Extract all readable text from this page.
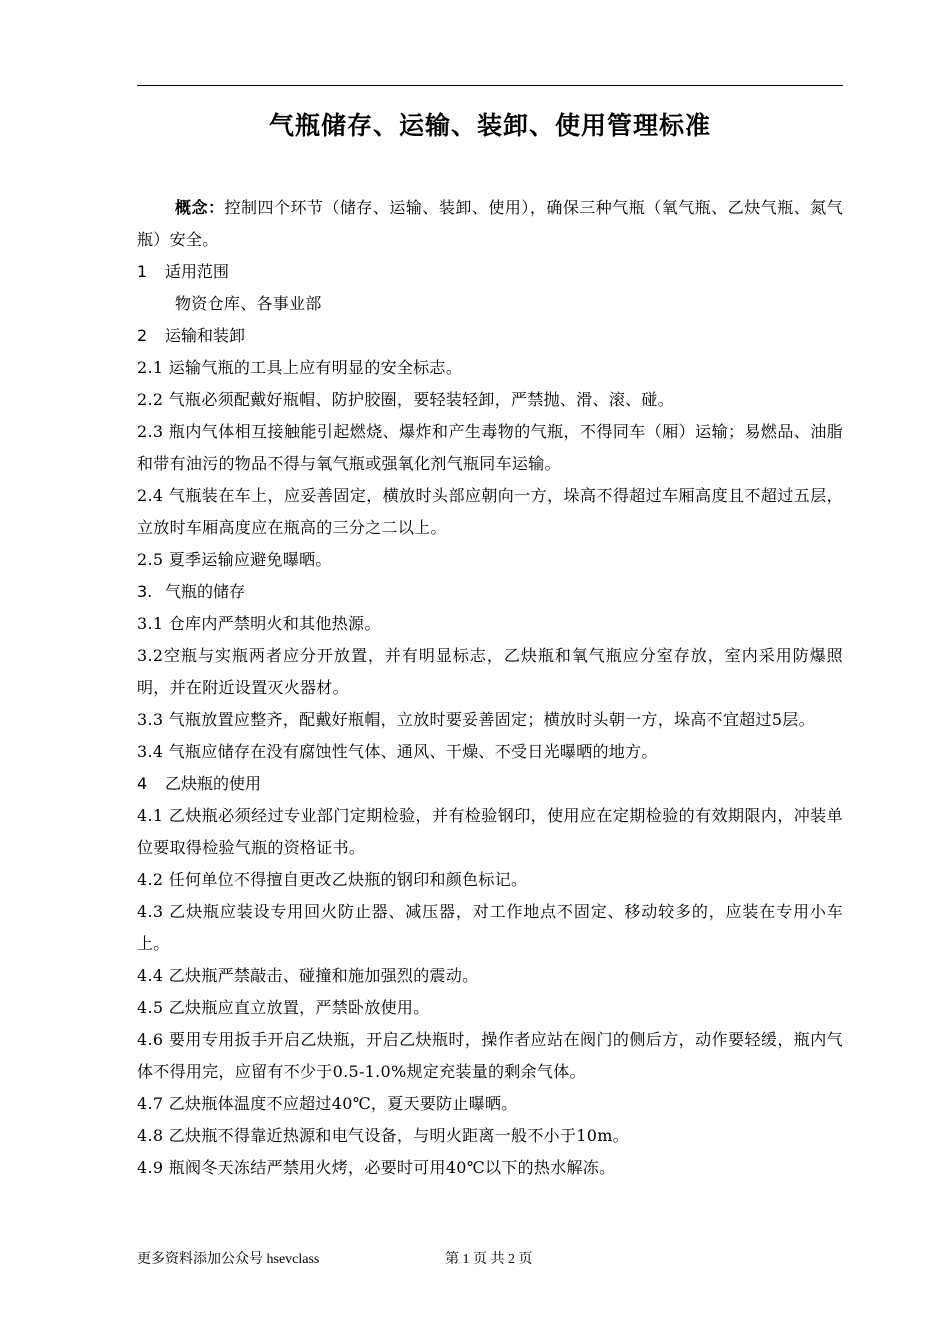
气瓶储存、运输、装卸、使用管理标准

概念：控制四个环节（储存、运输、装卸、使用），确保三种气瓶（氧气瓶、乙炔气瓶、氮气瓶）安全。

1 适用范围

物资仓库、各事业部

2 运输和装卸

2.1 运输气瓶的工具上应有明显的安全标志。

2.2 气瓶必须配戴好瓶帽、防护胶圈，要轻装轻卸，严禁抛、滑、滚、碰。

2.3 瓶内气体相互接触能引起燃烧、爆炸和产生毒物的气瓶，不得同车（厢）运输；易燃品、油脂和带有油污的物品不得与氧气瓶或强氧化剂气瓶同车运输。

2.4 气瓶装在车上，应妥善固定，横放时头部应朝向一方，垛高不得超过车厢高度且不超过五层，立放时车厢高度应在瓶高的三分之二以上。

2.5 夏季运输应避免曝晒。

3. 气瓶的储存

3.1 仓库内严禁明火和其他热源。

3.2空瓶与实瓶两者应分开放置，并有明显标志，乙炔瓶和氧气瓶应分室存放，室内采用防爆照明，并在附近设置灭火器材。

3.3 气瓶放置应整齐，配戴好瓶帽，立放时要妥善固定；横放时头朝一方，垛高不宜超过5层。

3.4 气瓶应储存在没有腐蚀性气体、通风、干燥、不受日光曝晒的地方。

4 乙炔瓶的使用

4.1 乙炔瓶必须经过专业部门定期检验，并有检验钢印，使用应在定期检验的有效期限内，冲装单位要取得检验气瓶的资格证书。

4.2 任何单位不得擅自更改乙炔瓶的钢印和颜色标记。

4.3 乙炔瓶应装设专用回火防止器、减压器，对工作地点不固定、移动较多的，应装在专用小车上。

4.4 乙炔瓶严禁敲击、碰撞和施加强烈的震动。

4.5 乙炔瓶应直立放置，严禁卧放使用。

4.6 要用专用扳手开启乙炔瓶，开启乙炔瓶时，操作者应站在阀门的侧后方，动作要轻缓，瓶内气体不得用完，应留有不少于0.5-1.0%规定充装量的剩余气体。

4.7 乙炔瓶体温度不应超过40℃，夏天要防止曝晒。

4.8 乙炔瓶不得靠近热源和电气设备，与明火距离一般不小于10m。

4.9 瓶阀冬天冻结严禁用火烤，必要时可用40℃以下的热水解冻。

更多资料添加公众号 hsevclass	第 1 页 共 2 页
